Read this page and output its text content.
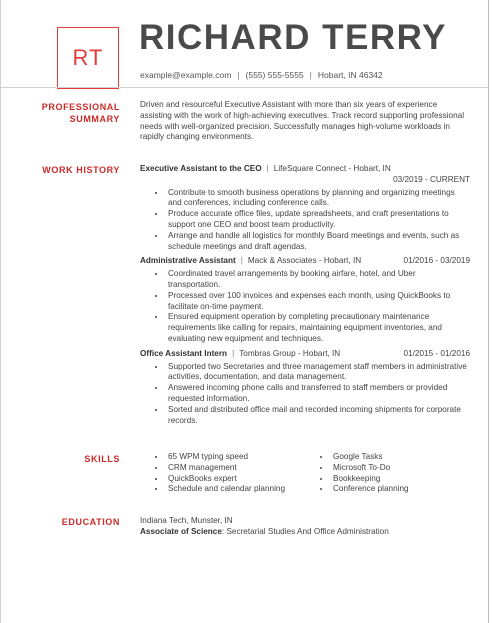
RT
RICHARD TERRY
example@example.com | (555) 555-5555 | Hobart, IN 46342
PROFESSIONAL
SUMMARY
Driven and resourceful Executive Assistant with more than six years of experience assisting with the work of high-achieving executives. Track record supporting professional needs with well-organized precision. Successfully manages high-volume workloads in rapidly changing environments.
WORK HISTORY Executive Assistant to the CEO | LifeSquare Connect - Hobart, IN
03/2019 - CURRENT
• Contribute to smooth business operations by planning and organizing meetings and conferences, including conference calls.
• Produce accurate office files, update spreadsheets, and craft presentations to support one CEO and boost team productivity.
• Arrange and handle all logistics for monthly Board meetings and events, such as schedule meetings and draft agendas.
Administrative Assistant | Mack & Associates - Hobart, IN	01/2016 - 03/2019
• Coordinated travel arrangements by booking airfare, hotel, and Uber transportation.
• Processed over 100 invoices and expenses each month, using QuickBooks to facilitate on-time payment.
• Ensured equipment operation by completing precautionary maintenance requirements like calling for repairs, maintaining equipment inventories, and evaluating new equipment and techniques.
Office Assistant Intern | Tombras Group - Hobart, IN	01/2015 - 01/2016
• Supported two Secretaries and three management staff members in administrative activities, documentation, and data management.
• Answered incoming phone calls and transferred to staff members or provided requested information.
• Sorted and distributed office mail and recorded incoming shipments for corporate records.
SKILLS
•	65 WPM typing speed
• CRM management
• QuickBooks expert
• Schedule and calendar planning
• Google Tasks
• Microsoft To-Do
• Bookkeeping
• Conference planning
EDUCATION Indiana Tech, Munster, IN
Associate of Science: Secretarial Studies And Office Administration
